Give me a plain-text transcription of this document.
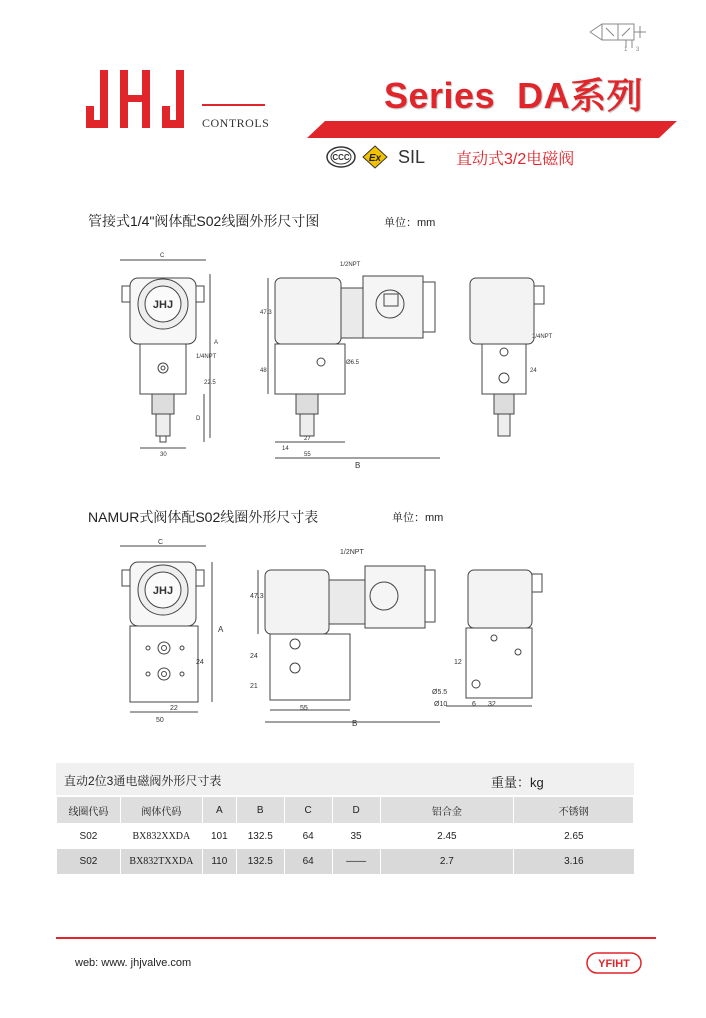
1 3
CONTROLS
Series DA系列
CCC Ex SIL 直动式3/2电磁阀
管接式1/4"阀体配S02线圈外形尺寸图	单位：mm
JHJ
C
A
D
30
1/4NPT
22.5
1/2NPT
47.3
48
Ø6.5
14
27
55
B
1/4NPT
24
NAMUR式阀体配S02线圈外形尺寸表	单位：mm
JHJ
C
A
24
22
50
1/2NPT
47.3
24
21
55
B
12
Ø5.5
Ø10	6 32
直动2位3通电磁阀外形尺寸表	重量：kg
线圈代码	阀体代码	A	B	C	D	铝合金	不锈钢
S02	BX832XXDA	101	132.5	64	35	2.45	2.65
S02	BX832TXXDA	110	132.5	64	——	2.7	3.16
web: www. jhjvalve.com	YFIHT
